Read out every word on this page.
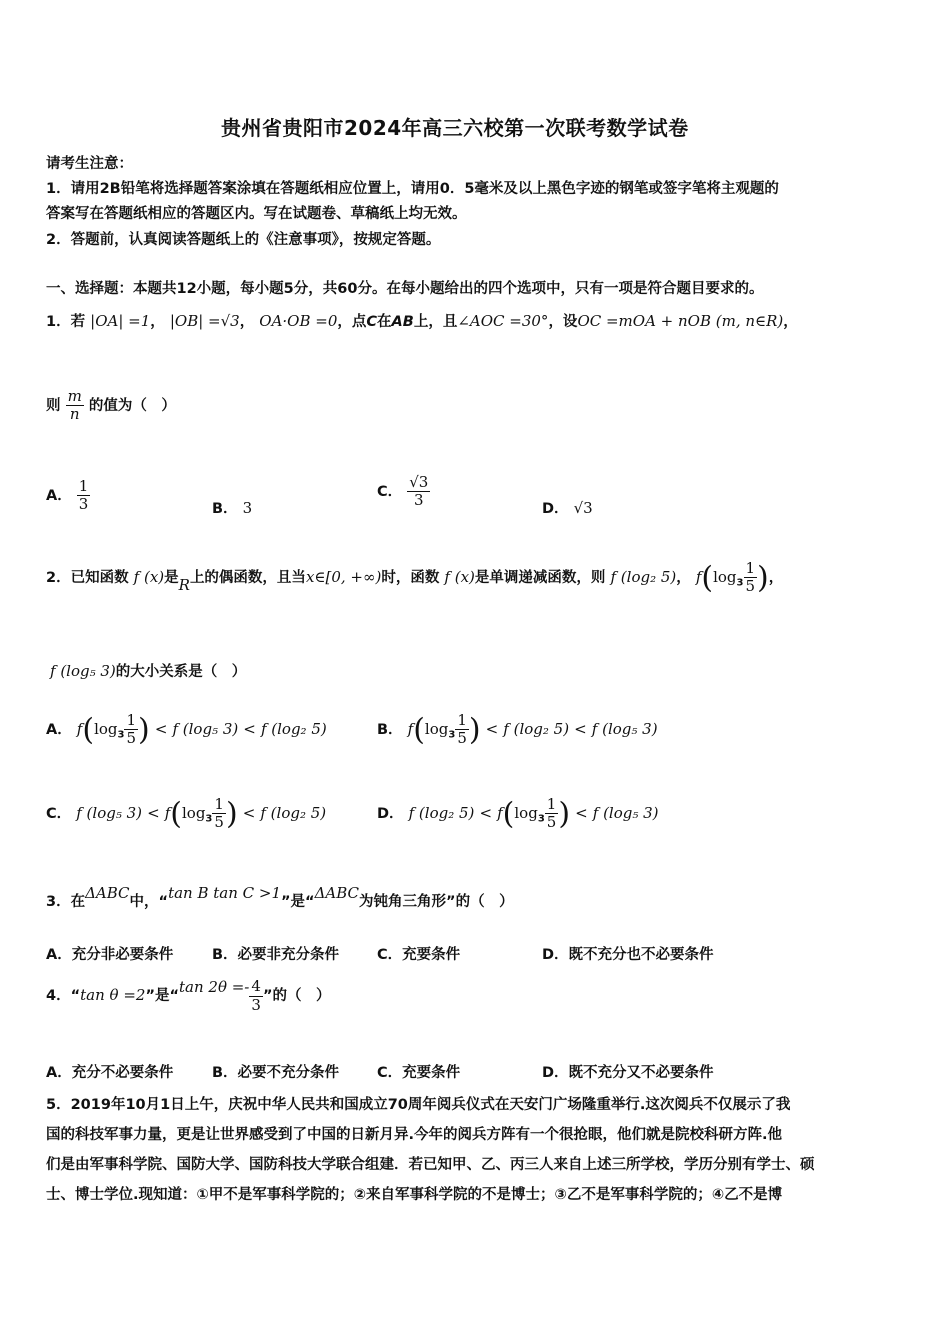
贵州省贵阳市2024年高三六校第一次联考数学试卷
请考生注意：
1．请用2B铅笔将选择题答案涂填在答题纸相应位置上，请用0．5毫米及以上黑色字迹的钢笔或签字笔将主观题的
答案写在答题纸相应的答题区内。写在试题卷、草稿纸上均无效。
2．答题前，认真阅读答题纸上的《注意事项》，按规定答题。
一、选择题：本题共12小题，每小题5分，共60分。在每小题给出的四个选项中，只有一项是符合题目要求的。
1．若 |OA| =1， |OB| =√3， OA·OB =0，点C在AB上，且∠AOC =30°，设OC =mOA + nOB (m, n∈R)，
则 $\frac{m}{n}$ 的值为（　）
A． $\frac{1}{3}$	B． 3
C． $\frac{√3}{3}$	D． √3
2．已知函数 f (x)是R上的偶函数，且当x∈[0, +∞)时，函数 f (x)是单调递减函数，则 f (log₂ 5)， $f(\log_3 \frac{1}{5}$ )，
f (log₅ 3)的大小关系是（　）
A． $f(\log_3 \frac{1}{5}$ ) < f (log₅ 3) < f (log₂ 5)	B． $f(\log_3 \frac{1}{5}$ ) < f (log₂ 5) < f (log₅ 3)
C． f (log₅ $3) < f(\log_3 \frac{1}{5}$ ) < f (log₂ 5)	D． f (log₂ $5) < f(\log_3 \frac{1}{5}$ ) < f (log₅ 3)
3．在ΔABC中，“tan B tan C >1”是“ΔABC为钝角三角形”的（　）
A．充分非必要条件	B．必要非充分条件	C．充要条件	D．既不充分也不必要条件
4．“tan θ =2”是“tan $2\theta =- \frac{4}{3}$ ”的（　）
A．充分不必要条件	B．必要不充分条件	C．充要条件	D．既不充分又不必要条件
5．2019年10月1日上午，庆祝中华人民共和国成立70周年阅兵仪式在天安门广场隆重举行.这次阅兵不仅展示了我
国的科技军事力量，更是让世界感受到了中国的日新月异.今年的阅兵方阵有一个很抢眼，他们就是院校科研方阵.他
们是由军事科学院、国防大学、国防科技大学联合组建．若已知甲、乙、丙三人来自上述三所学校，学历分别有学士、硕
士、博士学位.现知道：①甲不是军事科学院的；②来自军事科学院的不是博士；③乙不是军事科学院的；④乙不是博
